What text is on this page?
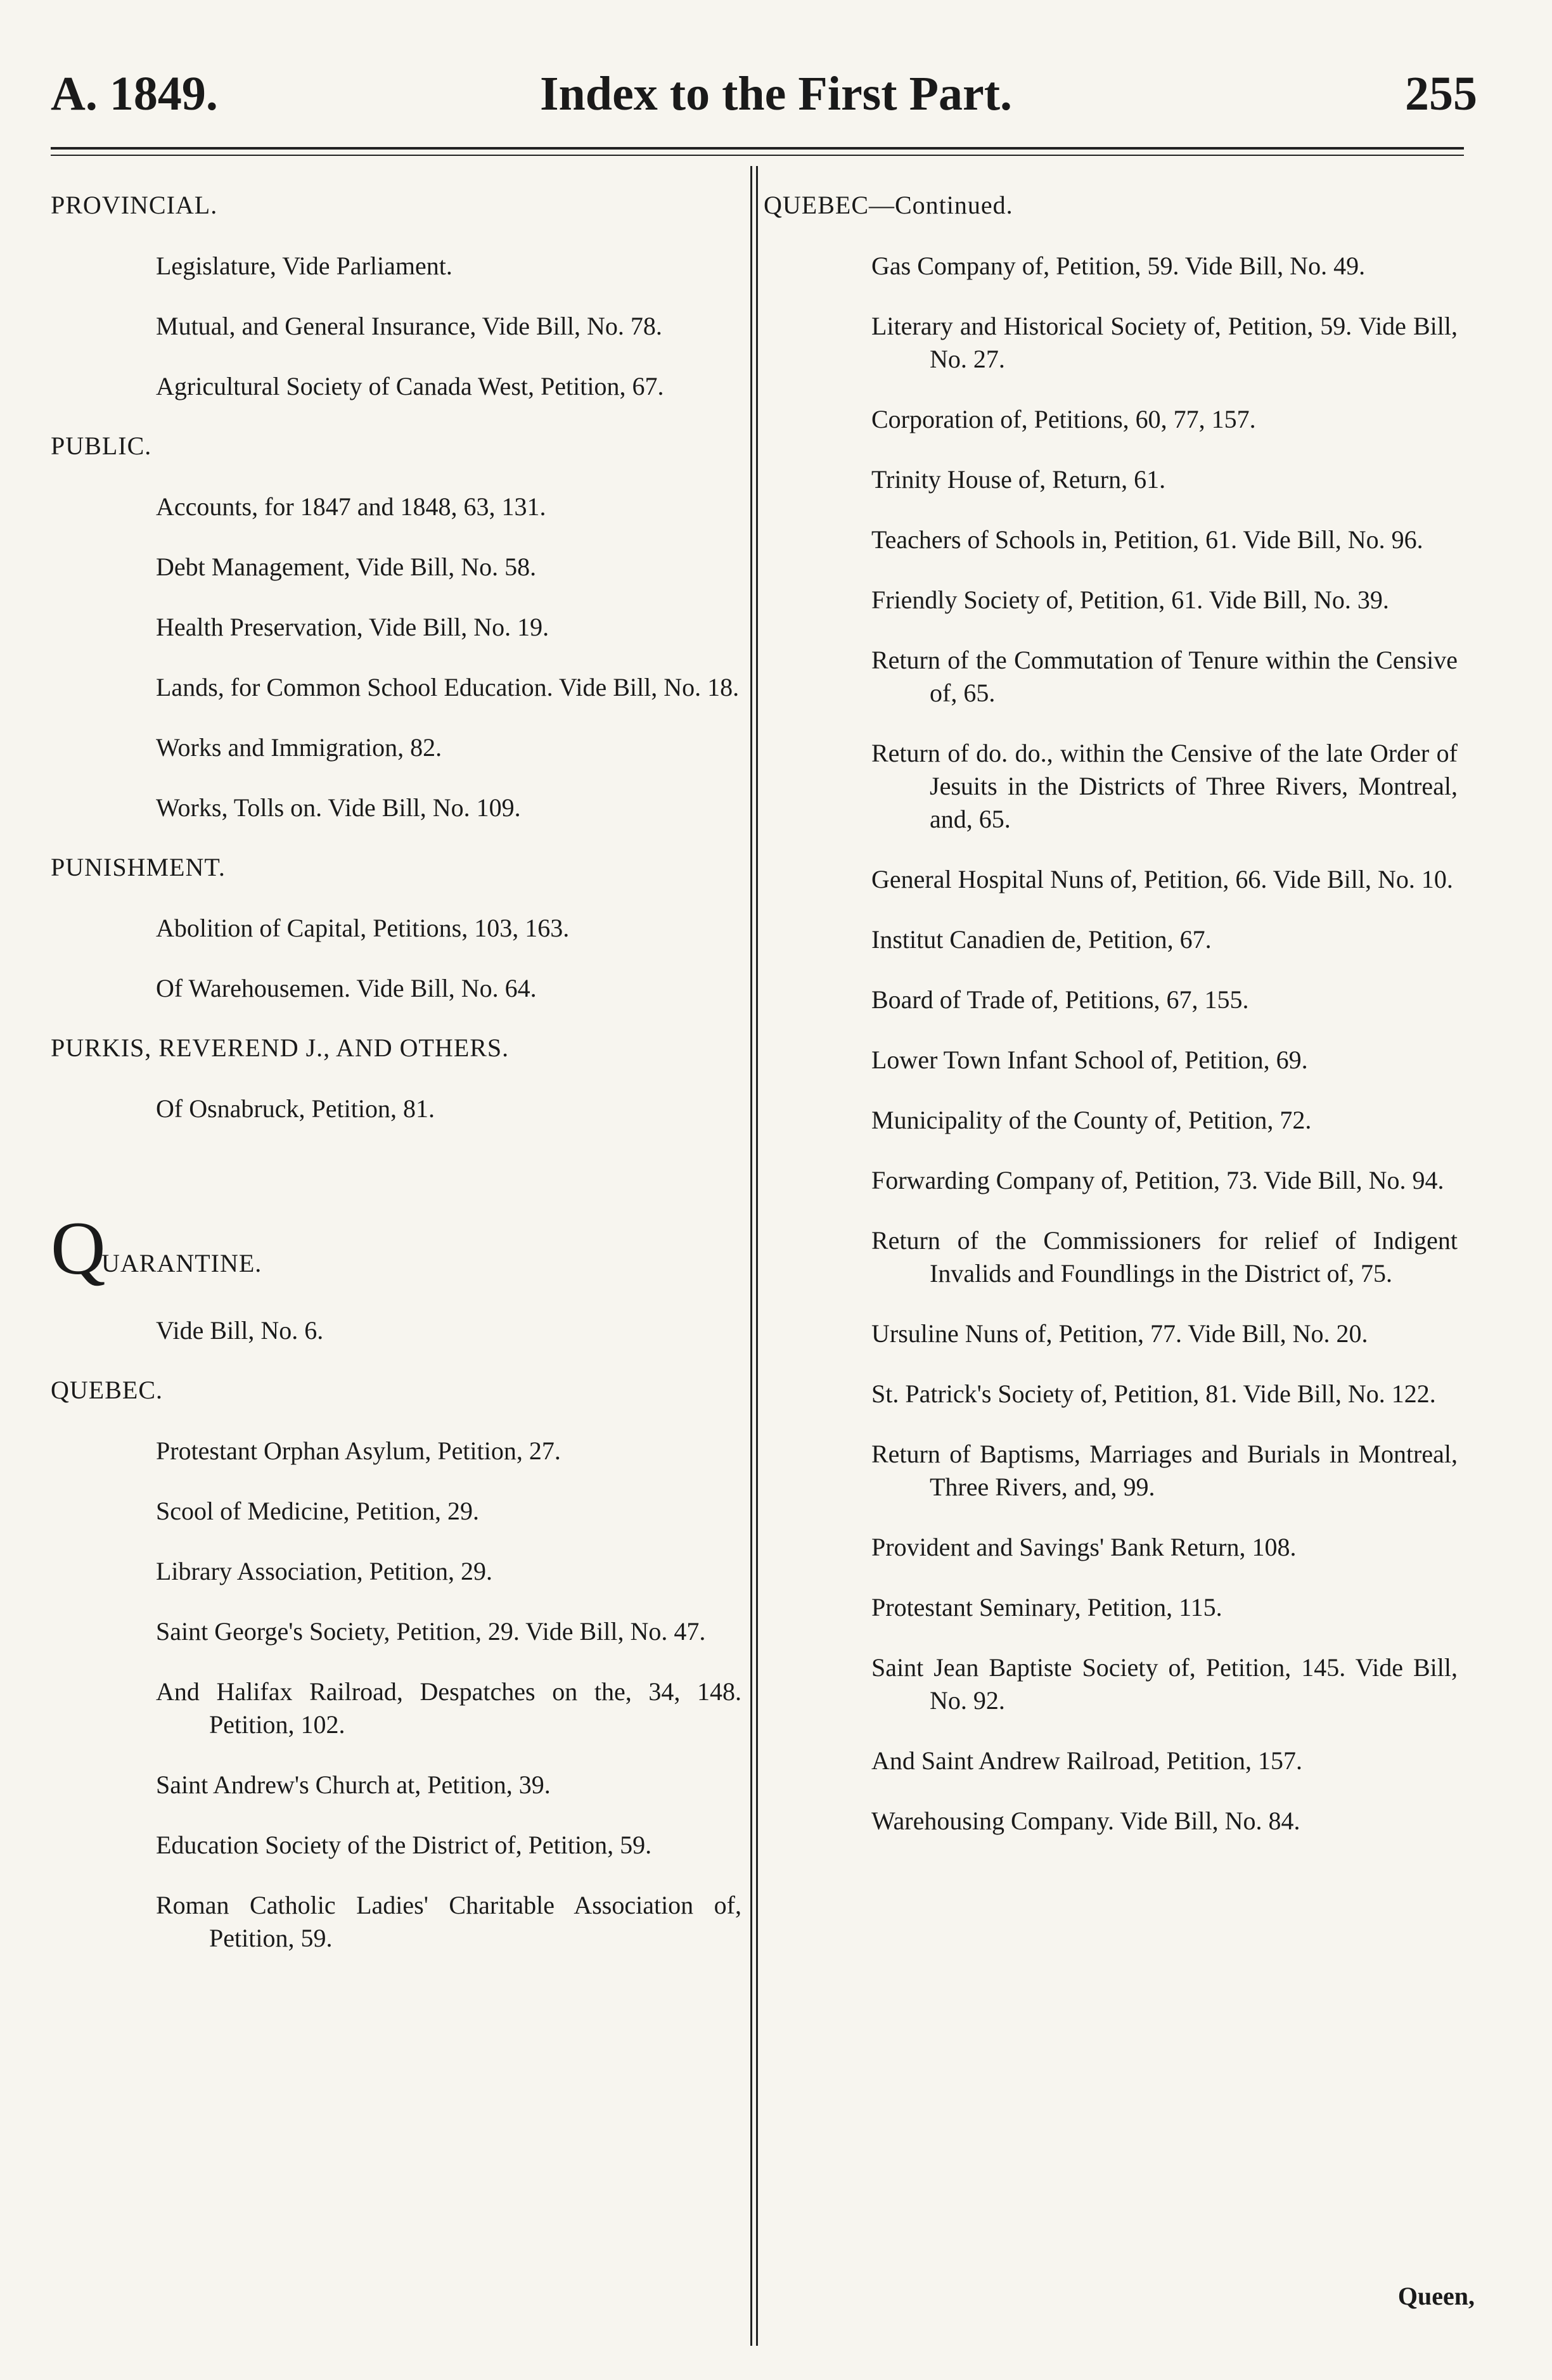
A. 1849.	Index to the First Part.	255
PROVINCIAL.
Legislature, Vide Parliament.
Mutual, and General Insurance, Vide Bill, No. 78.
Agricultural Society of Canada West, Petition, 67.
PUBLIC.
Accounts, for 1847 and 1848, 63, 131.
Debt Management, Vide Bill, No. 58.
Health Preservation, Vide Bill, No. 19.
Lands, for Common School Education. Vide Bill, No. 18.
Works and Immigration, 82.
Works, Tolls on. Vide Bill, No. 109.
PUNISHMENT.
Abolition of Capital, Petitions, 103, 163.
Of Warehousemen. Vide Bill, No. 64.
PURKIS, REVEREND J., AND OTHERS.
Of Osnabruck, Petition, 81.
Q
UARANTINE.
Vide Bill, No. 6.
QUEBEC.
Protestant Orphan Asylum, Petition, 27.
Scool of Medicine, Petition, 29.
Library Association, Petition, 29.
Saint George's Society, Petition, 29. Vide Bill, No. 47.
And Halifax Railroad, Despatches on the, 34, 148. Petition, 102.
Saint Andrew's Church at, Petition, 39.
Education Society of the District of, Petition, 59.
Roman Catholic Ladies' Charitable Association of, Petition, 59.
QUEBEC—Continued.
Gas Company of, Petition, 59. Vide Bill, No. 49.
Literary and Historical Society of, Petition, 59. Vide Bill, No. 27.
Corporation of, Petitions, 60, 77, 157.
Trinity House of, Return, 61.
Teachers of Schools in, Petition, 61. Vide Bill, No. 96.
Friendly Society of, Petition, 61. Vide Bill, No. 39.
Return of the Commutation of Tenure within the Censive of, 65.
Return of do. do., within the Censive of the late Order of Jesuits in the Districts of Three Rivers, Montreal, and, 65.
General Hospital Nuns of, Petition, 66. Vide Bill, No. 10.
Institut Canadien de, Petition, 67.
Board of Trade of, Petitions, 67, 155.
Lower Town Infant School of, Petition, 69.
Municipality of the County of, Petition, 72.
Forwarding Company of, Petition, 73. Vide Bill, No. 94.
Return of the Commissioners for relief of Indigent Invalids and Foundlings in the District of, 75.
Ursuline Nuns of, Petition, 77. Vide Bill, No. 20.
St. Patrick's Society of, Petition, 81. Vide Bill, No. 122.
Return of Baptisms, Marriages and Burials in Montreal, Three Rivers, and, 99.
Provident and Savings' Bank Return, 108.
Protestant Seminary, Petition, 115.
Saint Jean Baptiste Society of, Petition, 145. Vide Bill, No. 92.
And Saint Andrew Railroad, Petition, 157.
Warehousing Company. Vide Bill, No. 84.
Queen,
